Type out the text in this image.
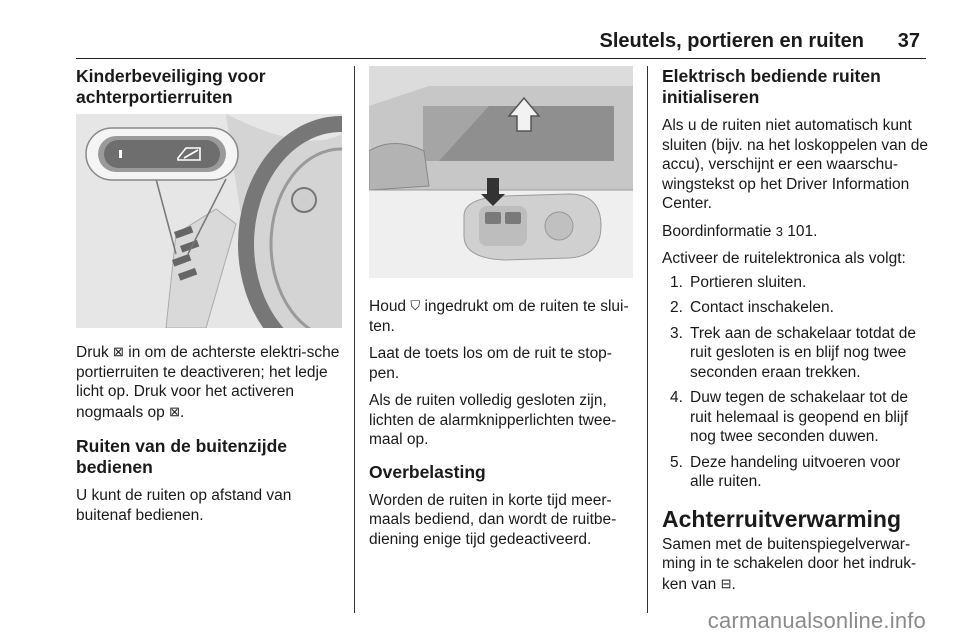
Sleutels, portieren en ruiten 37
Kinderbeveiliging voor achterportierruiten

Druk ⊠ in om de achterste elektri-sche portierruiten te deactiveren; het ledje licht op. Druk voor het activeren nogmaals op ⊠.

Ruiten van de buitenzijde bedienen

U kunt de ruiten op afstand van buitenaf bedienen.

Houd ⛉ ingedrukt om de ruiten te slui-ten.

Laat de toets los om de ruit te stop-pen.

Als de ruiten volledig gesloten zijn, lichten de alarmknipperlichten twee-maal op.

Overbelasting

Worden de ruiten in korte tijd meer-maals bediend, dan wordt de ruitbe-diening enige tijd gedeactiveerd.

Elektrisch bediende ruiten initialiseren

Als u de ruiten niet automatisch kunt sluiten (bijv. na het loskoppelen van de accu), verschijnt er een waarschu-wingstekst op het Driver Information Center.

Boordinformatie 3 101.

Activeer de ruitelektronica als volgt:

1. Portieren sluiten.
2. Contact inschakelen.
3. Trek aan de schakelaar totdat de ruit gesloten is en blijf nog twee seconden eraan trekken.
4. Duw tegen de schakelaar tot de ruit helemaal is geopend en blijf nog twee seconden duwen.
5. Deze handeling uitvoeren voor alle ruiten.
Achterruitverwarming

Samen met de buitenspiegelverwar-ming in te schakelen door het indruk-ken van ⊟.

carmanualsonline.info
